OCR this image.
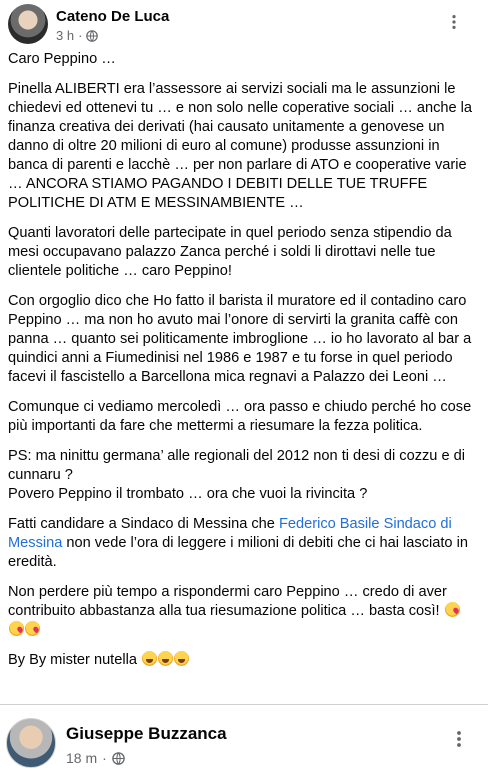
Cateno De Luca
3 h ·

Caro Peppino …

Pinella ALIBERTI era l’assessore ai servizi sociali ma le assunzioni le chiedevi ed ottenevi tu … e non solo nelle coperative sociali … anche la finanza creativa dei derivati (hai causato unitamente a genovese un danno di oltre 20 milioni di euro al comune) produsse assunzioni in banca di parenti e lacchè … per non parlare di ATO e cooperative varie … ANCORA STIAMO PAGANDO I DEBITI DELLE TUE TRUFFE POLITICHE DI ATM E MESSINAMBIENTE …

Quanti lavoratori delle partecipate in quel periodo senza stipendio da mesi occupavano palazzo Zanca perché i soldi li dirottavi nelle tue clientele politiche … caro Peppino!

Con orgoglio dico che Ho fatto il barista il muratore ed il contadino caro Peppino … ma non ho avuto mai l’onore di servirti la granita caffè con panna … quanto sei politicamente imbroglione … io ho lavorato al bar a quindici anni a Fiumedinisi nel 1986 e 1987 e tu forse in quel periodo facevi il fascistello a Barcellona mica regnavi a Palazzo dei Leoni …

Comunque ci vediamo mercoledì … ora passo e chiudo perché ho cose più importanti da fare che mettermi a riesumare la fezza politica.

PS: ma ninittu germana’ alle regionali del 2012 non ti desi di cozzu e di cunnaru ?
Povero Peppino il trombato … ora che vuoi la rivincita ?

Fatti candidare a Sindaco di Messina che Federico Basile Sindaco di Messina non vede l’ora di leggere i milioni di debiti che ci hai lasciato in eredità.

Non perdere più tempo a rispondermi caro Peppino … credo di aver contribuito abbastanza alla tua riesumazione politica … basta così!

By By mister nutella

Giuseppe Buzzanca
18 m ·
